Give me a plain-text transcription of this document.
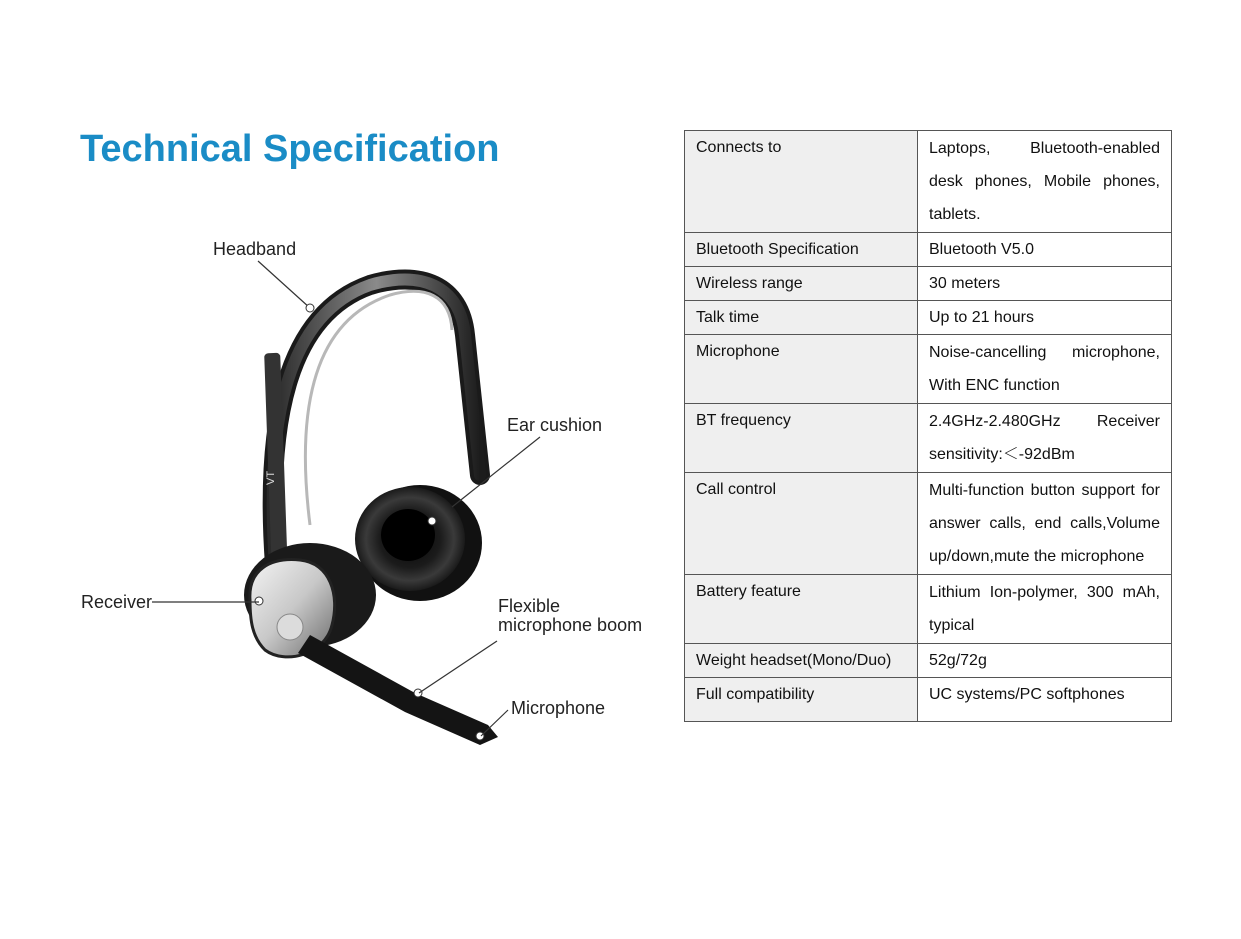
Technical Specification
VT
Headband
Ear cushion
Receiver	Flexible
microphone boom
Microphone
Connects to	Laptops, Bluetooth-enabled desk phones, Mobile phones, tablets.
Bluetooth Specification	Bluetooth V5.0
Wireless range	30 meters
Talk time	Up to 21 hours
Microphone	Noise-cancelling microphone, With ENC function
BT frequency	2.4GHz-2.480GHz Receiver sensitivity:＜-92dBm
Call control	Multi-function button support for answer calls, end calls,Volume up/down,mute the microphone
Battery feature	Lithium Ion-polymer, 300 mAh, typical
Weight headset(Mono/Duo)	52g/72g
Full compatibility	UC systems/PC softphones
